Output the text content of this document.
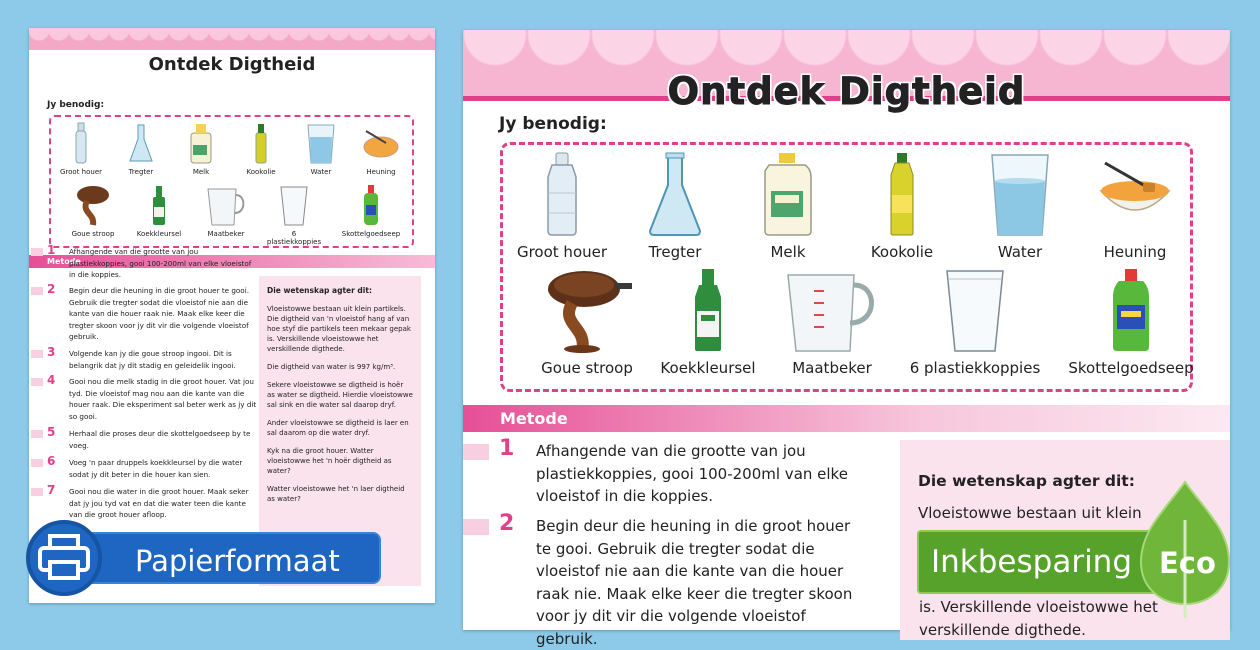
Ontdek Digtheid
Jy benodig:
Groot houer	Tregter	Melk	Kookolie	Water	Heuning
Goue stroop	Koekkleursel	Maatbeker	6 plastiekkoppies
Skottelgoedseep
Metode
1 Afhangende van die grootte van jou plastiekkoppies, gooi 100-200ml van elke vloeistof in die koppies.
2 Begin deur die heuning in die groot houer te gooi. Gebruik die tregter sodat die vloeistof nie aan die kante van die houer raak nie. Maak elke keer die tregter skoon voor jy dit vir die volgende vloeistof gebruik.
3 Volgende kan jy die goue stroop ingooi. Dit is belangrik dat jy dit stadig en geleidelik ingooi.
4 Gooi nou die melk stadig in die groot houer. Vat jou tyd. Die vloeistof mag nou aan die kante van die houer raak. Die eksperiment sal beter werk as jy dit so gooi.
5 Herhaal die proses deur die skottelgoedseep by te voeg.
6 Voeg 'n paar druppels koekkleursel by die water sodat jy dit beter in die houer kan sien.
7 Gooi nou die water in die groot houer. Maak seker dat jy jou tyd vat en dat die water teen die kante van die groot houer afloop.
Die wetenskap agter dit:

Vloeistowwe bestaan uit klein partikels. Die digtheid van 'n vloeistof hang af van hoe styf die partikels teen mekaar gepak is. Verskillende vloeistowwe het verskillende digthede.

Die digtheid van water is 997 kg/m³.

Sekere vloeistowwe se digtheid is hoër as water se digtheid. Hierdie vloeistowwe sal sink en die water sal daarop dryf.

Ander vloeistowwe se digtheid is laer en sal daarom op die water dryf.

Kyk na die groot houer. Watter vloeistowwe het 'n hoër digtheid as water?

Watter vloeistowwe het 'n laer digtheid as water?

Ontdek Digtheid
Jy benodig:
Groot houer	Tregter	Melk	Kookolie	Water	Heuning
Goue stroop	Koekkleursel	Maatbeker	6 plastiekkoppies	Skottelgoedseep
Metode
1 Afhangende van die grootte van jou plastiekkoppies, gooi 100-200ml van elke vloeistof in die koppies.
2 Begin deur die heuning in die groot houer te gooi. Gebruik die tregter sodat die vloeistof nie aan die kante van die houer raak nie. Maak elke keer die tregter skoon voor jy dit vir die volgende vloeistof gebruik.
Die wetenskap agter dit:
Vloeistowwe bestaan uit klein
Papierformaat
is. Verskillende vloeistowwe het
verskillende digthede.
Inkbesparing Eco
